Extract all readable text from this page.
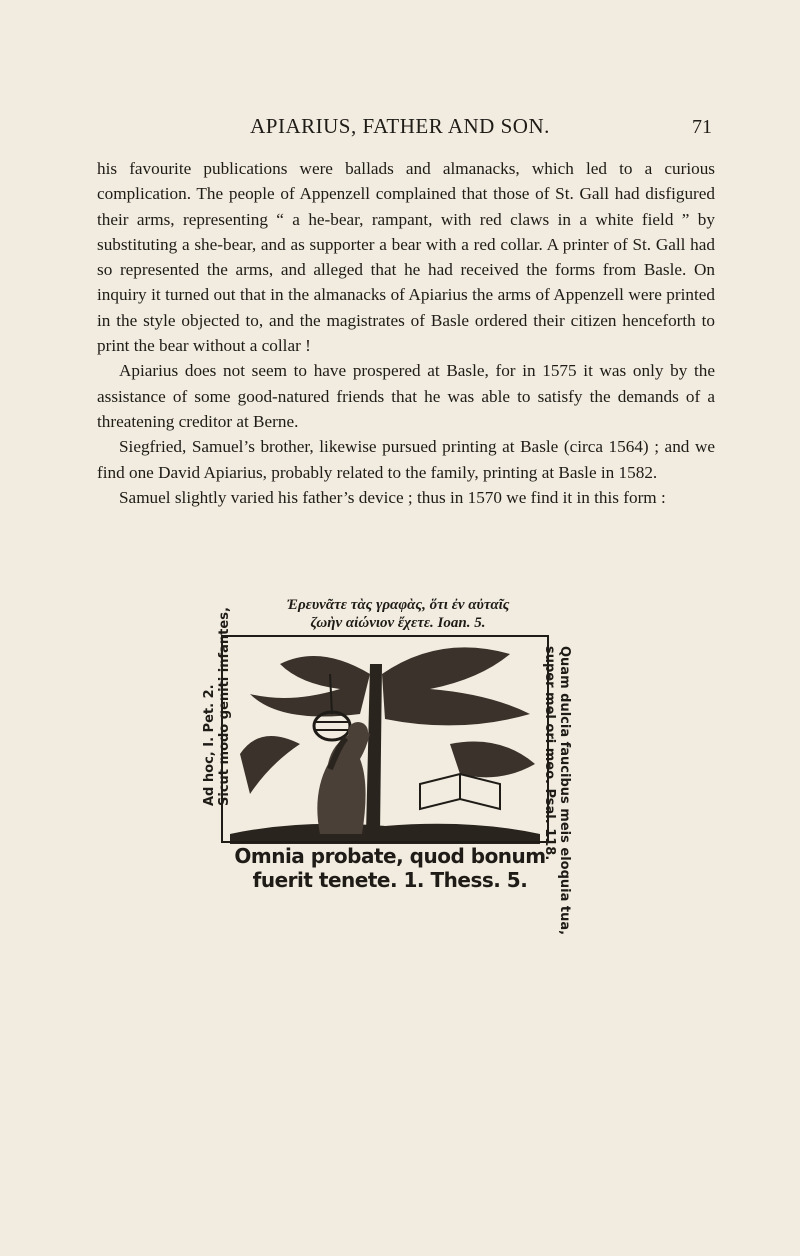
APIARIUS, FATHER AND SON.	71

his favourite publications were ballads and almanacks, which led to a curious complication. The people of Appenzell complained that those of St. Gall had disfigured their arms, representing “ a he-bear, rampant, with red claws in a white field ” by substituting a she-bear, and as supporter a bear with a red collar. A printer of St. Gall had so represented the arms, and alleged that he had received the forms from Basle. On inquiry it turned out that in the almanacks of Apiarius the arms of Appenzell were printed in the style objected to, and the magistrates of Basle ordered their citizen henceforth to print the bear without a collar !

Apiarius does not seem to have prospered at Basle, for in 1575 it was only by the assistance of some good-natured friends that he was able to satisfy the demands of a threatening creditor at Berne.

Siegfried, Samuel’s brother, likewise pursued printing at Basle (circa 1564) ; and we find one David Apiarius, probably related to the family, printing at Basle in 1582.

Samuel slightly varied his father’s device ; thus in 1570 we find it in this form :

Ἐρευνᾶτε τὰς γραφὰς, ὅτι ἐν αὐταῖς
ζωὴν αἰώνιον ἔχετε. Ioan. 5.
Ad hoc, I. Pet. 2. Sicut modo geniti infantes,	Quam dulcia faucibus meis eloquia tua,
super mel ori meo. Psal. 118.
Omnia probate, quod bonum
fuerit tenete. 1. Thess. 5.
